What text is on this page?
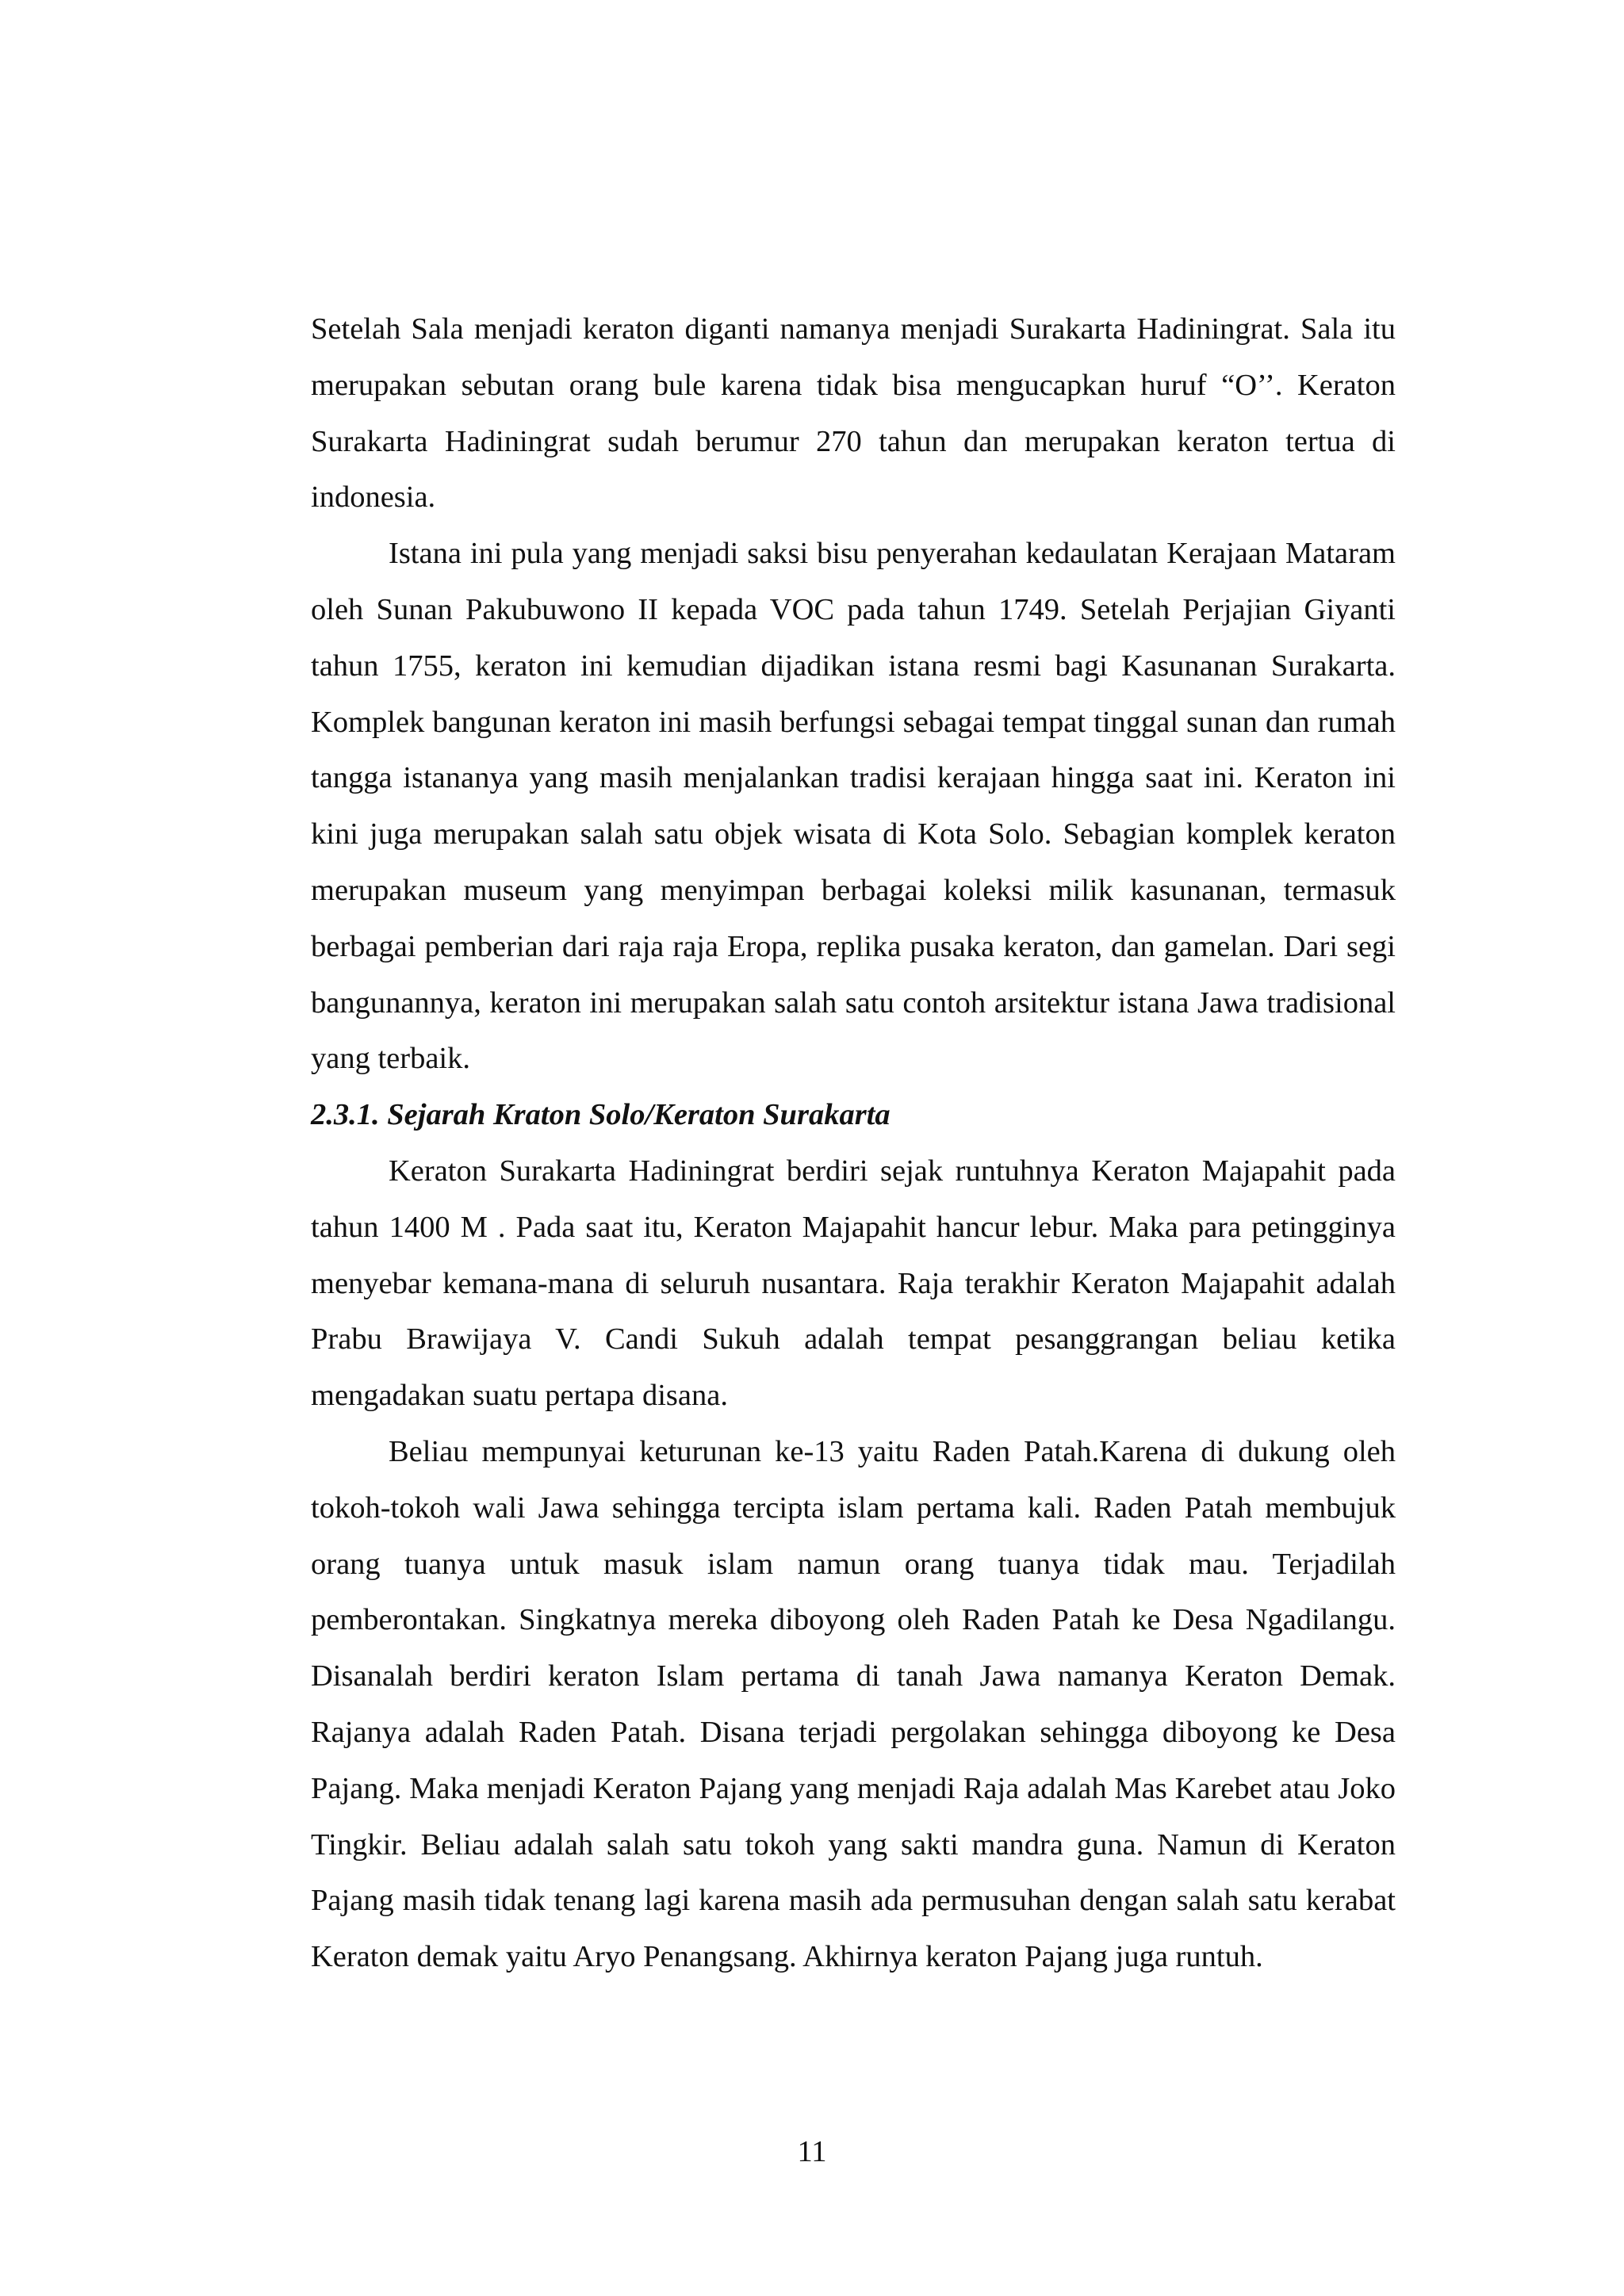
Setelah Sala menjadi keraton diganti namanya menjadi Surakarta Hadiningrat. Sala itu merupakan sebutan orang bule karena tidak bisa mengucapkan huruf “O’’. Keraton Surakarta Hadiningrat sudah berumur 270 tahun dan merupakan keraton tertua di indonesia.

Istana ini pula yang menjadi saksi bisu penyerahan kedaulatan Kerajaan Mataram oleh Sunan Pakubuwono II kepada VOC pada tahun 1749. Setelah Perjajian Giyanti tahun 1755, keraton ini kemudian dijadikan istana resmi bagi Kasunanan Surakarta. Komplek bangunan keraton ini masih berfungsi sebagai tempat tinggal sunan dan rumah tangga istananya yang masih menjalankan tradisi kerajaan hingga saat ini. Keraton ini kini juga merupakan salah satu objek wisata di Kota Solo. Sebagian komplek keraton merupakan museum yang menyimpan berbagai koleksi milik kasunanan, termasuk berbagai pemberian dari raja raja Eropa, replika pusaka keraton, dan gamelan. Dari segi bangunannya, keraton ini merupakan salah satu contoh arsitektur istana Jawa tradisional yang terbaik.

2.3.1. Sejarah Kraton Solo/Keraton Surakarta

Keraton Surakarta Hadiningrat berdiri sejak runtuhnya Keraton Majapahit pada tahun 1400 M . Pada saat itu, Keraton Majapahit hancur lebur. Maka para petingginya menyebar kemana-mana di seluruh nusantara. Raja terakhir Keraton Majapahit adalah Prabu Brawijaya V. Candi Sukuh adalah tempat pesanggrangan beliau ketika mengadakan suatu pertapa disana.

Beliau mempunyai keturunan ke-13 yaitu Raden Patah.Karena di dukung oleh tokoh-tokoh wali Jawa sehingga tercipta islam pertama kali. Raden Patah membujuk orang tuanya untuk masuk islam namun orang tuanya tidak mau. Terjadilah pemberontakan. Singkatnya mereka diboyong oleh Raden Patah ke Desa Ngadilangu. Disanalah berdiri keraton Islam pertama di tanah Jawa namanya Keraton Demak. Rajanya adalah Raden Patah. Disana terjadi pergolakan sehingga diboyong ke Desa Pajang. Maka menjadi Keraton Pajang yang menjadi Raja adalah Mas Karebet atau Joko Tingkir. Beliau adalah salah satu tokoh yang sakti mandra guna. Namun di Keraton Pajang masih tidak tenang lagi karena masih ada permusuhan dengan salah satu kerabat Keraton demak yaitu Aryo Penangsang. Akhirnya keraton Pajang juga runtuh.

11
